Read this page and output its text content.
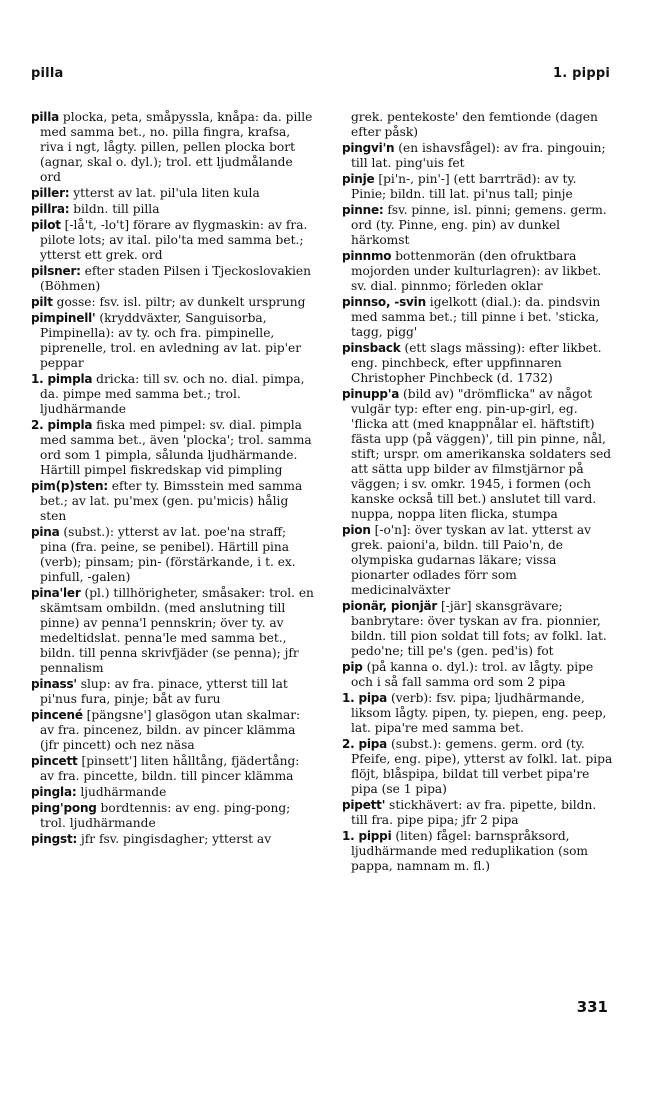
pilla	1. pippi

pilla plocka, peta, småpyssla, knåpa: da. pille med samma bet., no. pilla fingra, krafsa, riva i ngt, lågty. pillen, pellen plocka bort (agnar, skal o. dyl.); trol. ett ljudmålande ord

piller: ytterst av lat. pil'ula liten kula

pillra: bildn. till pilla

pilot [-lå't, -lo't] förare av flygmaskin: av fra. pilote lots; av ital. pilo'ta med samma bet.; ytterst ett grek. ord

pilsner: efter staden Pilsen i Tjeckoslovakien (Böhmen)

pilt gosse: fsv. isl. piltr; av dunkelt ursprung

pimpinell' (kryddväxter, Sanguisorba, Pimpinella): av ty. och fra. pimpinelle, piprenelle, trol. en avledning av lat. pip'er peppar

1. pimpla dricka: till sv. och no. dial. pimpa, da. pimpe med samma bet.; trol. ljudhärmande

2. pimpla fiska med pimpel: sv. dial. pimpla med samma bet., även 'plocka'; trol. samma ord som 1 pimpla, sålunda ljudhärmande. Härtill pimpel fiskredskap vid pimpling

pim(p)sten: efter ty. Bimsstein med samma bet.; av lat. pu'mex (gen. pu'micis) hålig sten

pina (subst.): ytterst av lat. poe'na straff; pina (fra. peine, se penibel). Härtill pina (verb); pinsam; pin- (förstärkande, i t. ex. pinfull, -galen)

pina'ler (pl.) tillhörigheter, småsaker: trol. en skämtsam ombildn. (med anslutning till pinne) av penna'l pennskrin; över ty. av medeltidslat. penna'le med samma bet., bildn. till penna skrivfjäder (se penna); jfr pennalism

pinass' slup: av fra. pinace, ytterst till lat pi'nus fura, pinje; båt av furu

pincené [pängsne'] glasögon utan skalmar: av fra. pincenez, bildn. av pincer klämma (jfr pincett) och nez näsa

pincett [pinsett'] liten hålltång, fjädertång: av fra. pincette, bildn. till pincer klämma

pingla: ljudhärmande

ping'pong bordtennis: av eng. ping-pong; trol. ljudhärmande

pingst: jfr fsv. pingisdagher; ytterst av

grek. pentekoste' den femtionde (dagen efter påsk)

pingvi'n (en ishavsfågel): av fra. pingouin; till lat. ping'uis fet

pinje [pi'n-, pin'-] (ett barrträd): av ty. Pinie; bildn. till lat. pi'nus tall; pinje

pinne: fsv. pinne, isl. pinni; gemens. germ. ord (ty. Pinne, eng. pin) av dunkel härkomst

pinnmo bottenmorän (den ofruktbara mojorden under kulturlagren): av likbet. sv. dial. pinnmo; förleden oklar

pinnso, -svin igelkott (dial.): da. pindsvin med samma bet.; till pinne i bet. 'sticka, tagg, pigg'

pinsback (ett slags mässing): efter likbet. eng. pinchbeck, efter uppfinnaren Christopher Pinchbeck (d. 1732)

pinupp'a (bild av) "drömflicka" av något vulgär typ: efter eng. pin-up-girl, eg. 'flicka att (med knappnålar el. häftstift) fästa upp (på väggen)', till pin pinne, nål, stift; urspr. om amerikanska soldaters sed att sätta upp bilder av filmstjärnor på väggen; i sv. omkr. 1945, i formen (och kanske också till bet.) anslutet till vard. nuppa, noppa liten flicka, stumpa

pion [-o'n]: över tyskan av lat. ytterst av grek. paioni'a, bildn. till Paio'n, de olympiska gudarnas läkare; vissa pionarter odlades förr som medicinalväxter

pionär, pionjär [-jär] skansgrävare; banbrytare: över tyskan av fra. pionnier, bildn. till pion soldat till fots; av folkl. lat. pedo'ne; till pe's (gen. ped'is) fot

pip (på kanna o. dyl.): trol. av lågty. pipe och i så fall samma ord som 2 pipa

1. pipa (verb): fsv. pipa; ljudhärmande, liksom lågty. pipen, ty. piepen, eng. peep, lat. pipa're med samma bet.

2. pipa (subst.): gemens. germ. ord (ty. Pfeife, eng. pipe), ytterst av folkl. lat. pipa flöjt, blåspipa, bildat till verbet pipa're pipa (se 1 pipa)

pipett' stickhävert: av fra. pipette, bildn. till fra. pipe pipa; jfr 2 pipa

1. pippi (liten) fågel: barnspråksord, ljudhärmande med reduplikation (som pappa, namnam m. fl.)

331
